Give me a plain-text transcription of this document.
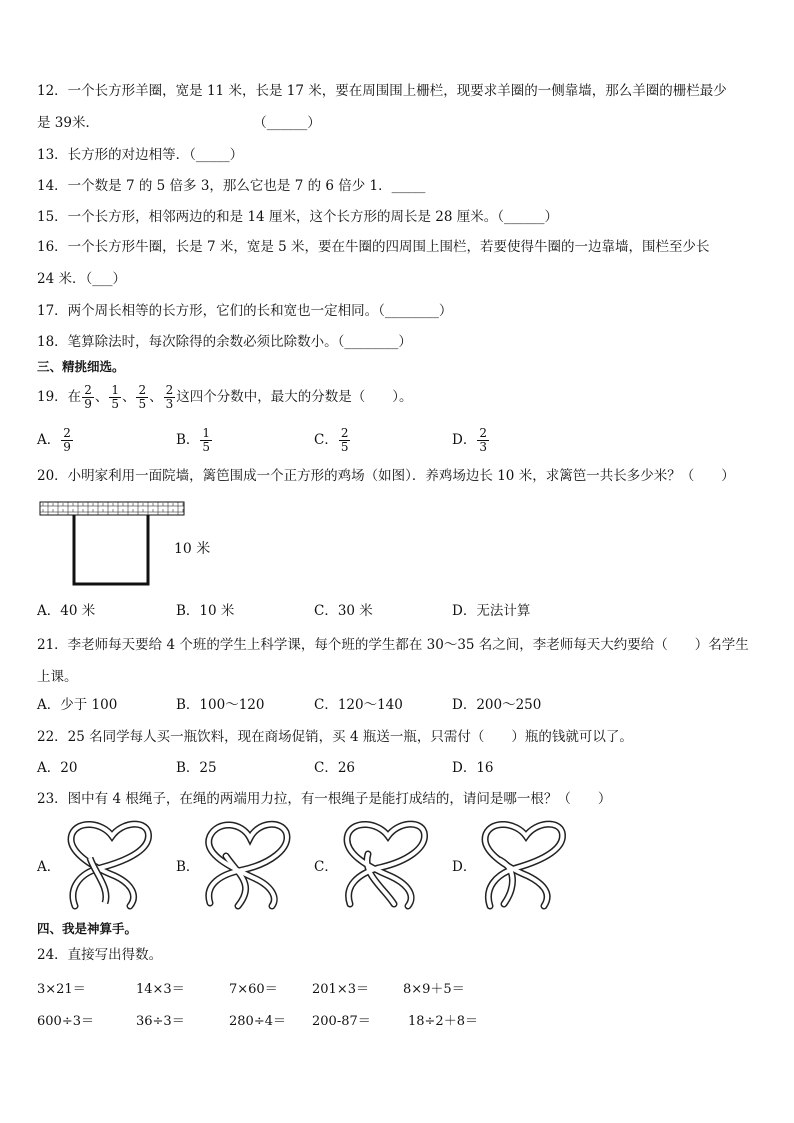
12．一个长方形羊圈，宽是 11 米，长是 17 米，要在周围围上栅栏，现要求羊圈的一侧靠墙，那么羊圈的栅栏最少
是 39米．	（______）
13．长方形的对边相等．（_____）
14．一个数是 7 的 5 倍多 3，那么它也是 7 的 6 倍少 1．_____
15．一个长方形，相邻两边的和是 14 厘米，这个长方形的周长是 28 厘米。（______）
16．一个长方形牛圈，长是 7 米，宽是 5 米，要在牛圈的四周围上围栏，若要使得牛圈的一边靠墙，围栏至少长
24 米．（___）
17．两个周长相等的长方形，它们的长和宽也一定相同。（________）
18．笔算除法时，每次除得的余数必须比除数小。（________）
三、精挑细选。
19．在 $\frac{2}{9}$ 、 $\frac{1}{5}$ 、 $\frac{2}{5}$ 、 $\frac{2}{3}$ 这四个分数中，最大的分数是（　　）。
A． $\frac{2}{9}$	B． $\frac{1}{5}$	C． $\frac{2}{5}$	D． $\frac{2}{3}$
20．小明家利用一面院墙，篱笆围成一个正方形的鸡场（如图）．养鸡场边长 10 米，求篱笆一共长多少米？（　　）
10 米
A．40 米	B．10 米	C．30 米	D．无法计算
21．李老师每天要给 4 个班的学生上科学课，每个班的学生都在 30～35 名之间，李老师每天大约要给（　　）名学生
上课。
A．少于 100	B．100～120	C．120～140	D．200～250
22．25 名同学每人买一瓶饮料，现在商场促销，买 4 瓶送一瓶，只需付（　　）瓶的钱就可以了。
A．20	B．25	C．26	D．16
23．图中有 4 根绳子，在绳的两端用力拉，有一根绳子是能打成结的，请问是哪一根？（　　）
A．	B．	C．	D．
四、我是神算手。
24．直接写出得数。
3×21＝	14×3＝	7×60＝	201×3＝	8×9＋5＝
600÷3＝	36÷3＝	280÷4＝ 200-87＝	18÷2＋8＝
